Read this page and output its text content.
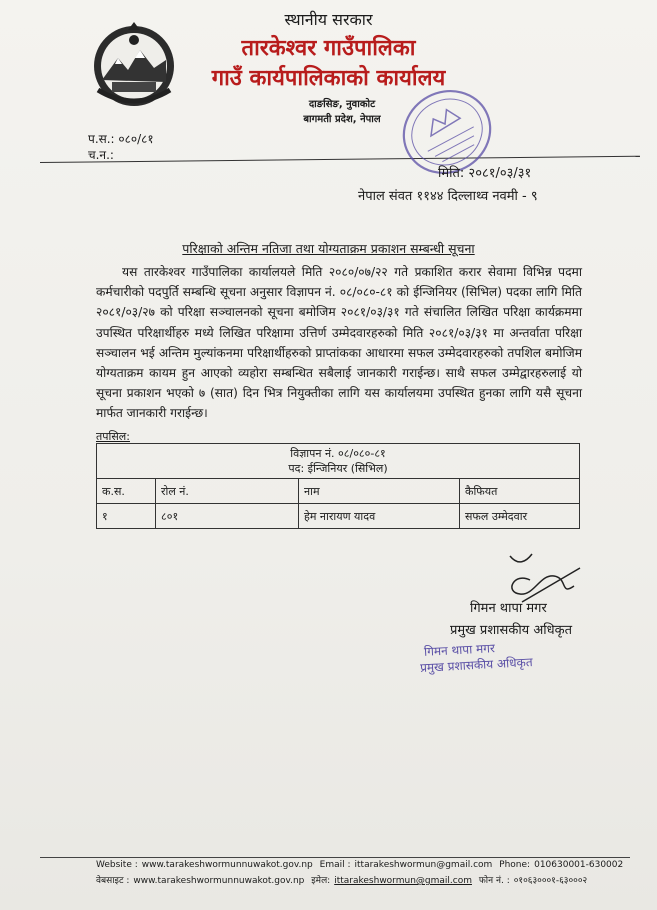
स्थानीय सरकार
तारकेश्वर गाउँपालिका
गाउँ कार्यपालिकाको कार्यालय
दाङसिङ, नुवाकोट
बागमती प्रदेश, नेपाल
प.स.: ०८०/८१
च.न.:
मिति: २०८१/०३/३१
नेपाल संवत ११४४ दिल्लाथ्व नवमी - ९
परिक्षाको अन्तिम नतिजा तथा योग्यताक्रम प्रकाशन सम्बन्धी सूचना

यस तारकेश्वर गाउँपालिका कार्यालयले मिति २०८०/०७/२२ गते प्रकाशित करार सेवामा विभिन्न पदमा कर्मचारीको पदपुर्ति सम्बन्धि सूचना अनुसार विज्ञापन नं. ०८/०८०-८१ को ईन्जिनियर (सिभिल) पदका लागि मिति २०८१/०३/२७ को परिक्षा सञ्चालनको सूचना बमोजिम २०८१/०३/३१ गते संचालित लिखित परिक्षा कार्यक्रममा उपस्थित परिक्षार्थीहरु मध्ये लिखित परिक्षामा उत्तिर्ण उम्मेदवारहरुको मिति २०८१/०३/३१ मा अन्तर्वाता परिक्षा सञ्चालन भई अन्तिम मुल्यांकनमा परिक्षार्थीहरुको प्राप्तांकका आधारमा सफल उम्मेदवारहरुको तपशिल बमोजिम योग्यताक्रम कायम हुन आएको व्यहोरा सम्बन्धित सबैलाई जानकारी गराईन्छ। साथै सफल उम्मेद्वारहरुलाई यो सूचना प्रकाशन भएको ७ (सात) दिन भित्र नियुक्तीका लागि यस कार्यालयमा उपस्थित हुनका लागि यसै सूचना मार्फत जानकारी गराईन्छ।

तपसिल:
विज्ञापन नं. ०८/०८०-८१
पद: ईन्जिनियर (सिभिल)			

क.स.	रोल नं.	नाम	कैफियत
१	८०१	हेम नारायण यादव	सफल उम्मेदवार
गिमन थापा मगर
प्रमुख प्रशासकीय अधिकृत
गिमन थापा मगर
प्रमुख प्रशासकीय अधिकृत
Website : www.tarakeshwormunnuwakot.gov.np Email : ittarakeshwormun@gmail.com Phone: 010630001-630002
वेबसाइट : www.tarakeshwormunnuwakot.gov.np इमेल: ittarakeshwormun@gmail.com फोन नं. : ०१०६३०००१-६३०००२
